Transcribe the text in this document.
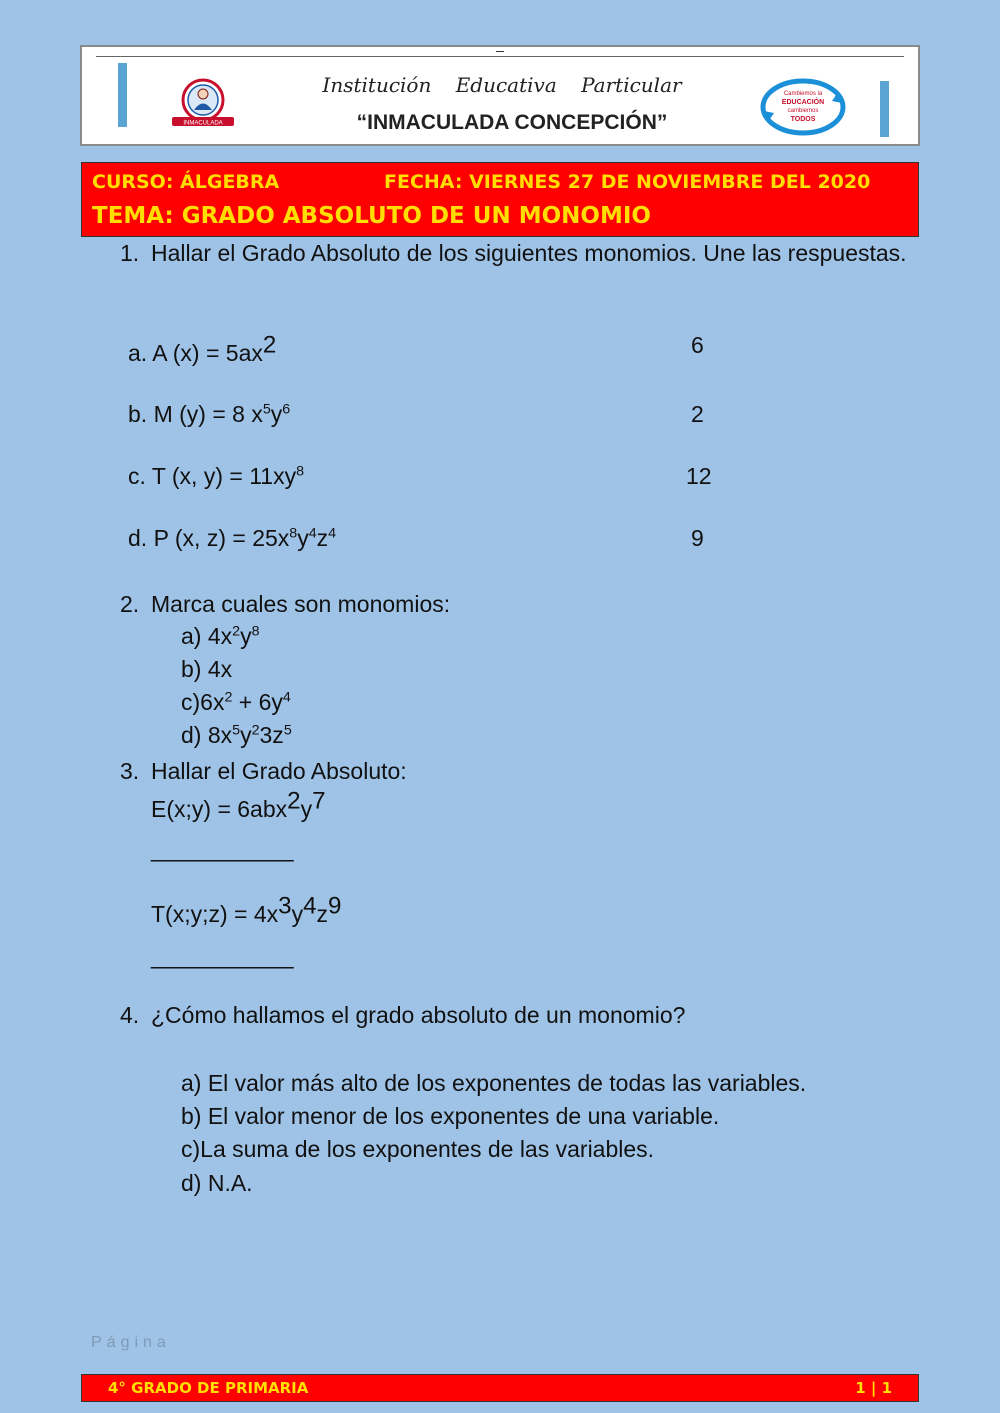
INMACULADA
Institución Educativa Particular
“INMACULADA CONCEPCIÓN”
Cambiemos la
EDUCACIÓN
cambiemos
TODOS
CURSO: ÁLGEBRA	FECHA: VIERNES 27 DE NOVIEMBRE DEL 2020
TEMA: GRADO ABSOLUTO DE UN MONOMIO
1. Hallar el Grado Absoluto de los siguientes monomios. Une las respuestas.
a. A $(x) = 5ax^2$
b. M (y) = 8 $x^5y^6$
c. T (x, $y) = 11xy^8$
d. P (x, $z) = 25x^8y^4z^4$
6
2
12
9
2. Marca cuales son monomios:
a) $4x^2y^8$
b) 4x
$c)6x^2 + 6y^4$
d) $8x^5y^23z^5$
3. Hallar el Grado Absoluto:
E(x;y) = $6abx^2y^7$
____________
T(x;y;z) = $4x^3y^4z^9$
____________
4. ¿Cómo hallamos el grado absoluto de un monomio?
a) El valor más alto de los exponentes de todas las variables.
b) El valor menor de los exponentes de una variable.
c)La suma de los exponentes de las variables.
d) N.A.
Página
4° GRADO DE PRIMARIA	1 | 1
